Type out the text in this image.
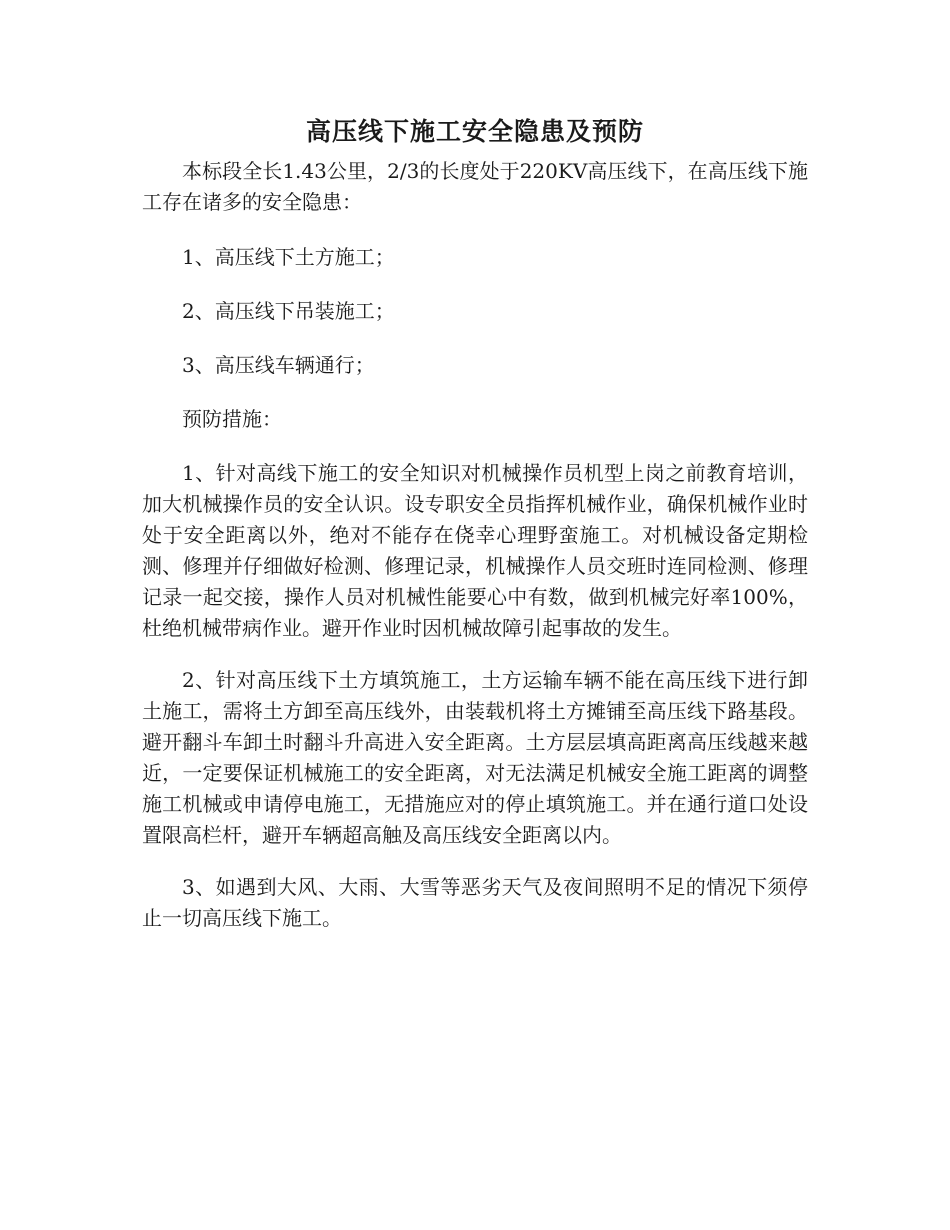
高压线下施工安全隐患及预防

本标段全长1.43公里，2/3的长度处于220KV高压线下，在高压线下施工存在诸多的安全隐患：

1、高压线下土方施工；

2、高压线下吊装施工；

3、高压线车辆通行；

预防措施：

1、针对高线下施工的安全知识对机械操作员机型上岗之前教育培训，加大机械操作员的安全认识。设专职安全员指挥机械作业，确保机械作业时处于安全距离以外，绝对不能存在侥幸心理野蛮施工。对机械设备定期检测、修理并仔细做好检测、修理记录，机械操作人员交班时连同检测、修理记录一起交接，操作人员对机械性能要心中有数，做到机械完好率100%，杜绝机械带病作业。避开作业时因机械故障引起事故的发生。

2、针对高压线下土方填筑施工，土方运输车辆不能在高压线下进行卸土施工，需将土方卸至高压线外，由装载机将土方摊铺至高压线下路基段。避开翻斗车卸土时翻斗升高进入安全距离。土方层层填高距离高压线越来越近，一定要保证机械施工的安全距离，对无法满足机械安全施工距离的调整施工机械或申请停电施工，无措施应对的停止填筑施工。并在通行道口处设置限高栏杆，避开车辆超高触及高压线安全距离以内。

3、如遇到大风、大雨、大雪等恶劣天气及夜间照明不足的情况下须停止一切高压线下施工。
